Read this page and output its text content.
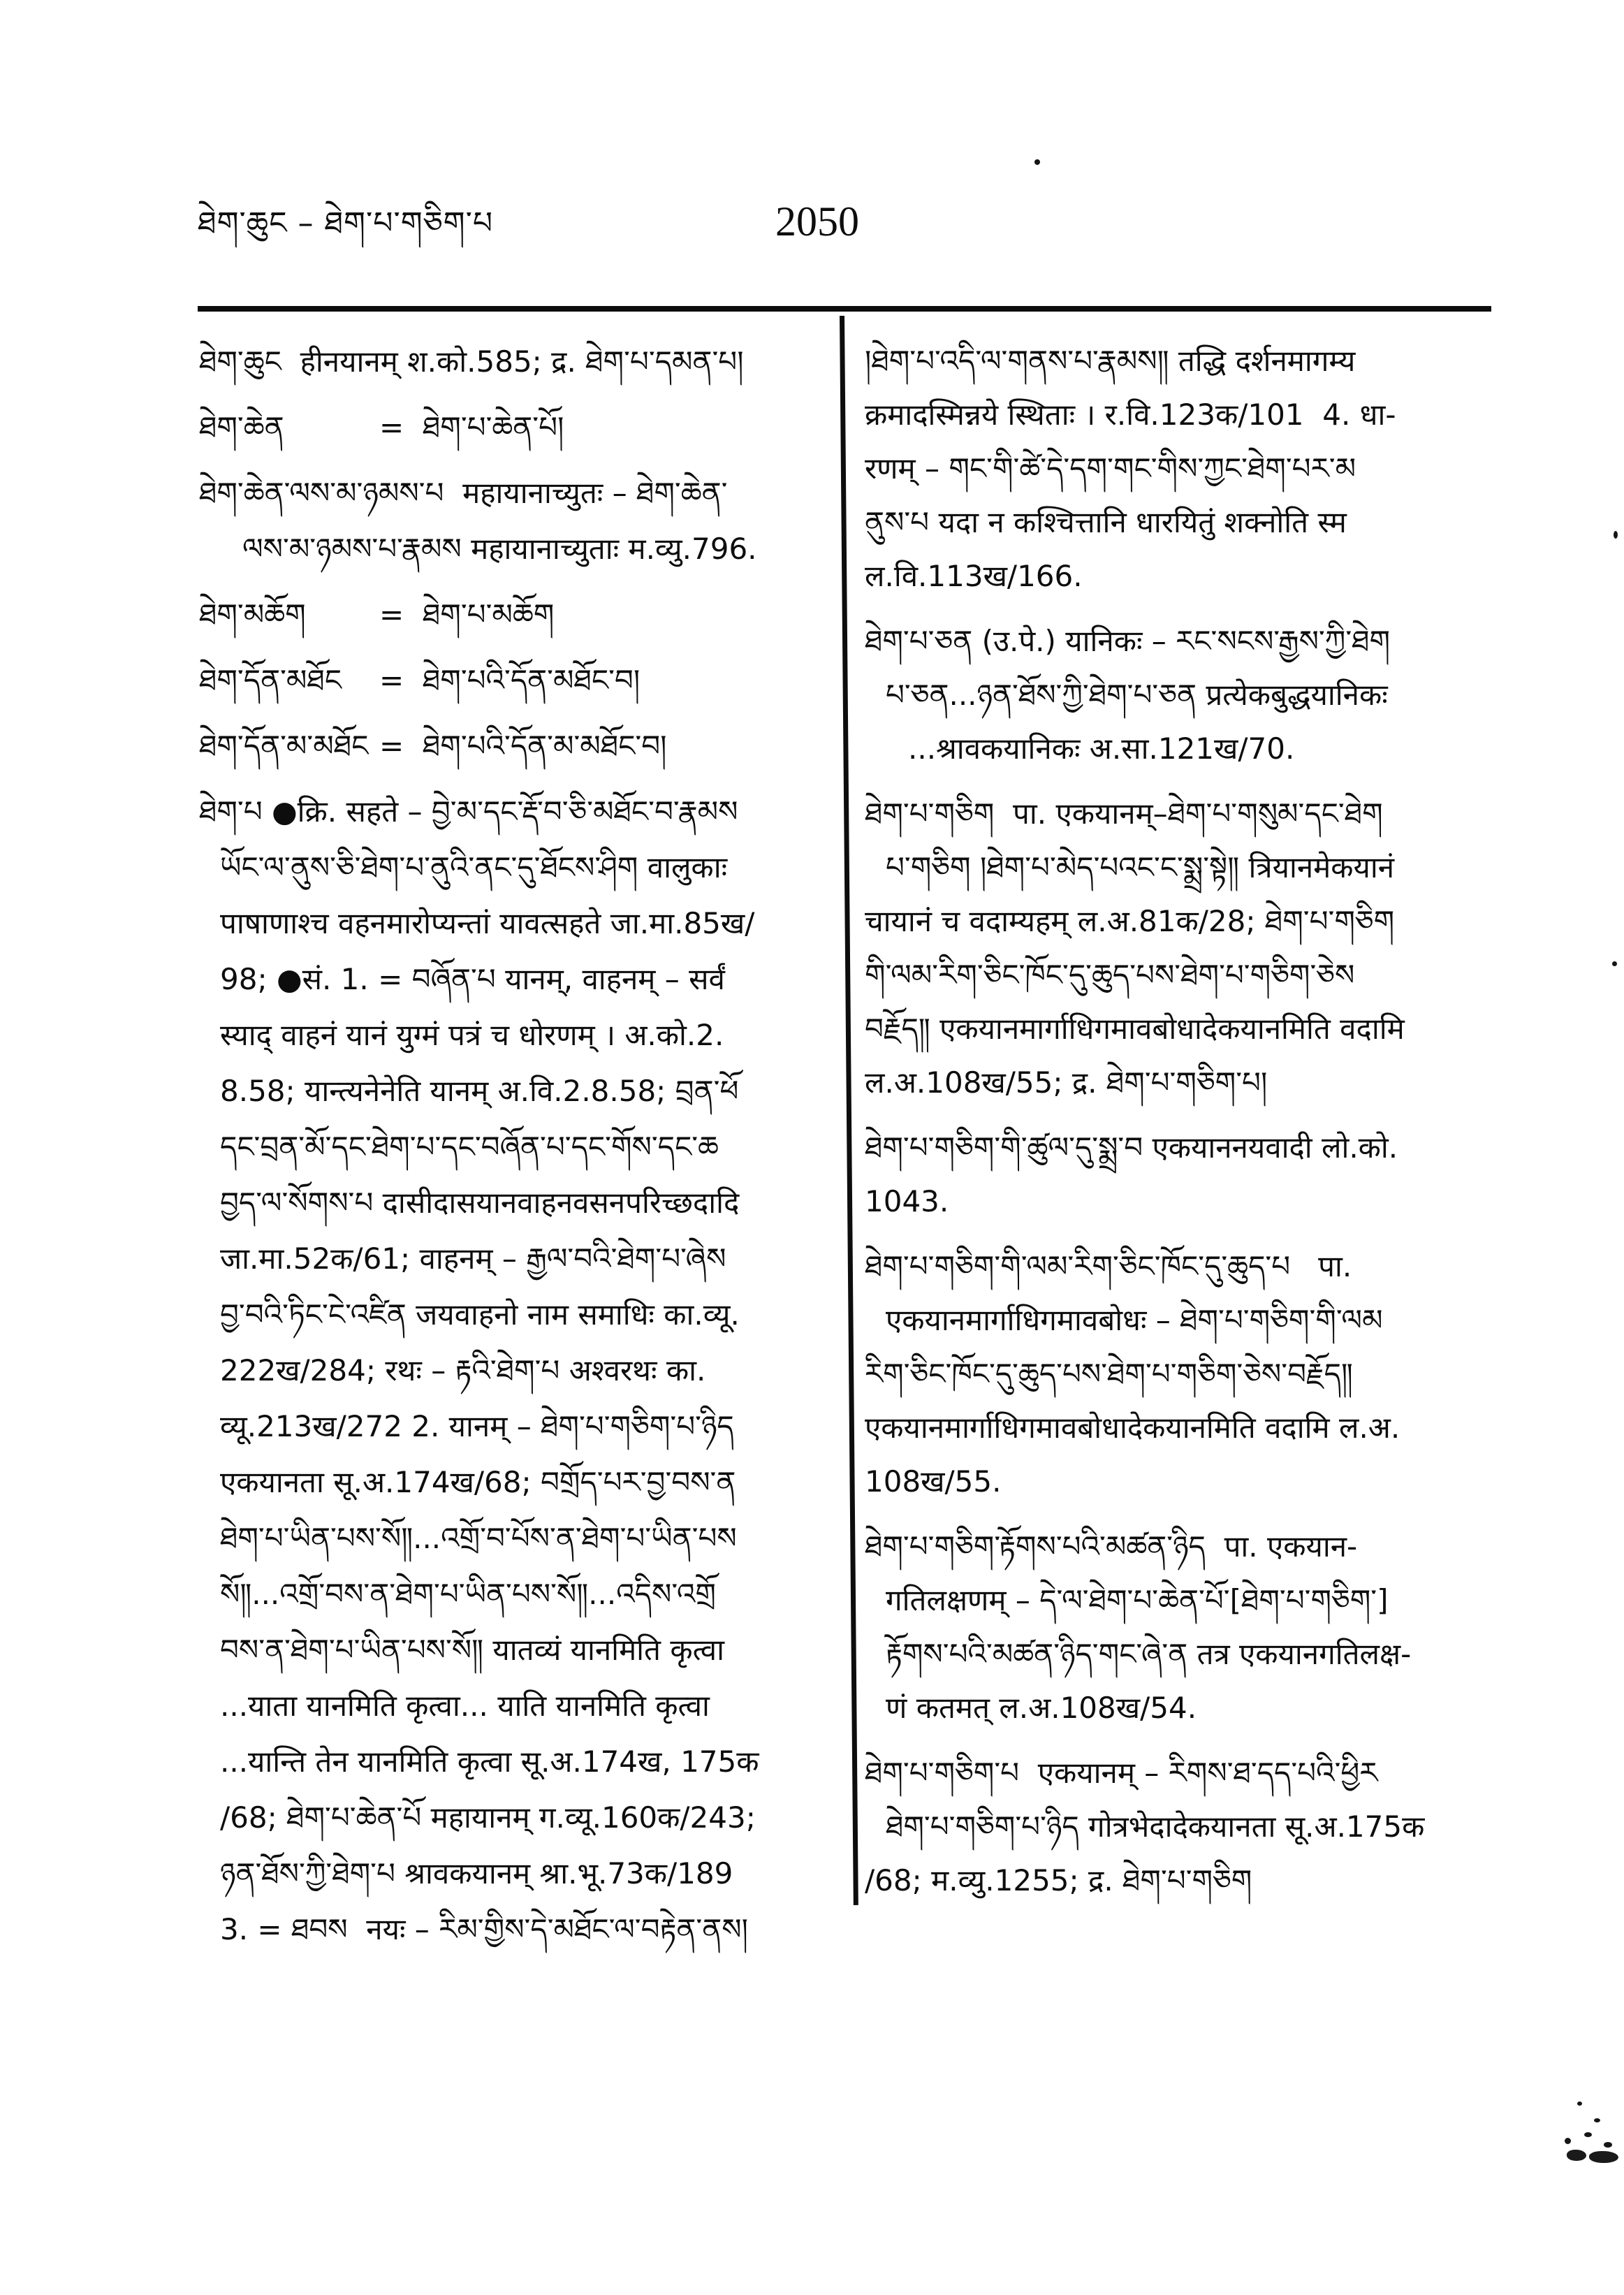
ཐེག་ཆུང – ཐེག་པ་གཅིག་པ	2050
ཐེག་ཆུང  हीनयानम् श.को.585; द्र. ཐེག་པ་དམན་པ།
ཐེག་ཆེན	=  ཐེག་པ་ཆེན་པོ།
ཐེག་ཆེན་ལས་མ་ཉམས་པ  महायानाच्युतः – ཐེག་ཆེན་
ལས་མ་ཉམས་པ་རྣམས महायानाच्युताः म.व्यु.796.
ཐེག་མཆོག	=  ཐེག་པ་མཆོག
ཐེག་དོན་མཐོང =  ཐེག་པའི་དོན་མཐོང་བ།
ཐེག་དོན་མ་མཐོང =  ཐེག་པའི་དོན་མ་མཐོང་བ།
ཐེག་པ ●क्रि. सहते – བྱེ་མ་དང་རྡོ་བ་ཅི་མཐོང་བ་རྣམས
ཡོང་ལ་ནུས་ཅི་ཐེག་པ་ནུའི་ནང་དུ་ཐོངས་ཤིག वालुकाः
पाषाणाश्च वहनमारोप्यन्तां यावत्सहते जा.मा.85ख/
98; ●सं. 1. = བཞོན་པ यानम्, वाहनम् – सर्वं
स्याद् वाहनं यानं युग्मं पत्रं च धोरणम् । अ.को.2.
8.58; यान्त्यनेनेति यानम् अ.वि.2.8.58; བྲན་ཕོ
དང་བྲན་མོ་དང་ཐེག་པ་དང་བཞོན་པ་དང་གོས་དང་ཆ
བྱད་ལ་སོགས་པ दासीदासयानवाहनवसनपरिच्छदादि
जा.मा.52क/61; वाहनम् – རྒྱལ་བའི་ཐེག་པ་ཞེས
བྱ་བའི་ཏིང་ངེ་འཛིན जयवाहनो नाम समाधिः का.व्यू.
222ख/284; रथः – རྟའི་ཐེག་པ अश्वरथः का.
व्यू.213ख/272 2. यानम् – ཐེག་པ་གཅིག་པ་ཉིད
एकयानता सू.अ.174ख/68; བགྲོད་པར་བྱ་བས་ན
ཐེག་པ་ཡིན་པས་སོ༎...འགྲོ་བ་པོས་ན་ཐེག་པ་ཡིན་པས
སོ༎...འགྲོ་བས་ན་ཐེག་པ་ཡིན་པས་སོ༎...འདིས་འགྲོ
བས་ན་ཐེག་པ་ཡིན་པས་སོ༎ यातव्यं यानमिति कृत्वा
...याता यानमिति कृत्वा... याति यानमिति कृत्वा
...यान्ति तेन यानमिति कृत्वा सू.अ.174ख, 175क
/68; ཐེག་པ་ཆེན་པོ महायानम् ग.व्यू.160क/243;
ཉན་ཐོས་ཀྱི་ཐེག་པ श्रावकयानम् श्रा.भू.73क/189
3. = ཐབས  नयः – རིམ་གྱིས་དེ་མཐོང་ལ་བརྟེན་ནས།
།ཐེག་པ་འདི་ལ་གནས་པ་རྣམས༎ तद्धि दर्शनमागम्य
क्रमादस्मिन्नये स्थिताः । र.वि.123क/101  4. धा-
रणम् – གང་གི་ཚེ་དེ་དག་གང་གིས་ཀྱང་ཐེག་པར་མ
ནུས་པ यदा न कश्चित्तानि धारयितुं शक्नोति स्म
ल.वि.113ख/166.
ཐེག་པ་ཅན (उ.पे.) यानिकः – རང་སངས་རྒྱས་ཀྱི་ཐེག
པ་ཅན...ཉན་ཐོས་ཀྱི་ཐེག་པ་ཅན प्रत्येकबुद्धयानिकः
...श्रावकयानिकः अ.सा.121ख/70.
ཐེག་པ་གཅིག  पा. एकयानम्–ཐེག་པ་གསུམ་དང་ཐེག
པ་གཅིག །ཐེག་པ་མེད་པའང་ང་སྨྲ་སྟེ༎ त्रियानमेकयानं
चायानं च वदाम्यहम् ल.अ.81क/28; ཐེག་པ་གཅིག
གི་ལམ་རིག་ཅིང་ཁོང་དུ་ཆུད་པས་ཐེག་པ་གཅིག་ཅེས
བརྗོད༎ एकयानमार्गाधिगमावबोधादेकयानमिति वदामि
ल.अ.108ख/55; द्र. ཐེག་པ་གཅིག་པ།
ཐེག་པ་གཅིག་གི་ཚུལ་དུ་སྨྲ་བ एकयाननयवादी लो.को.
1043.
ཐེག་པ་གཅིག་གི་ལམ་རིག་ཅིང་ཁོང་དུ་ཆུད་པ   पा.
एकयानमार्गाधिगमावबोधः – ཐེག་པ་གཅིག་གི་ལམ
རིག་ཅིང་ཁོང་དུ་ཆུད་པས་ཐེག་པ་གཅིག་ཅེས་བརྗོད༎
एकयानमार्गाधिगमावबोधादेकयानमिति वदामि ल.अ.
108ख/55.
ཐེག་པ་གཅིག་རྟོགས་པའི་མཚན་ཉིད  पा. एकयान-
गतिलक्षणम् – དེ་ལ་ཐེག་པ་ཆེན་པོ་[ཐེག་པ་གཅིག་]
རྟོགས་པའི་མཚན་ཉིད་གང་ཞེ་ན तत्र एकयानगतिलक्ष-
णं कतमत् ल.अ.108ख/54.
ཐེག་པ་གཅིག་པ  एकयानम् – རིགས་ཐ་དད་པའི་ཕྱིར
ཐེག་པ་གཅིག་པ་ཉིད गोत्रभेदादेकयानता सू.अ.175क
/68; म.व्यु.1255; द्र. ཐེག་པ་གཅིག
